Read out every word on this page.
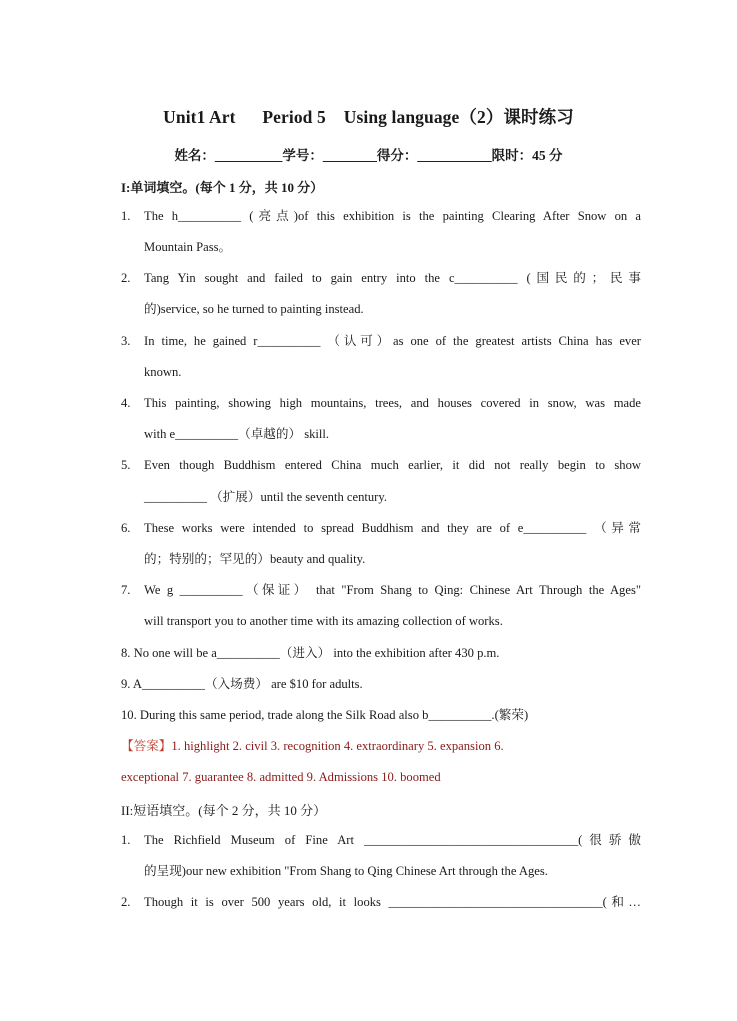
Unit1 Art      Period 5    Using language（2）课时练习
姓名：__________学号：________得分：___________限时：45 分
I:单词填空。(每个 1 分，共 10 分）
1. The h__________ (亮点)of this exhibition is the painting Clearing After Snow on a
Mountain Pass。
2. Tang Yin sought and failed to gain entry into the c__________ (国民的；民事
的)service, so he turned to painting instead.
3. In time, he gained r__________ （认可）as one of the greatest artists China has ever
known.
4. This painting, showing high mountains, trees, and houses covered in snow, was made
with e__________（卓越的） skill.
5. Even though Buddhism entered China much earlier, it did not really begin to show
__________ （扩展）until the seventh century.
6. These works were intended to spread Buddhism and they are of e__________ （异常
的；特别的；罕见的）beauty and quality.
7. We g __________（保证） that "From Shang to Qing: Chinese Art Through the Ages"
will transport you to another time with its amazing collection of works.
8. No one will be a__________（进入） into the exhibition after 430 p.m.
9. A__________（入场费） are $10 for adults.
10. During this same period, trade along the Silk Road also b__________.(繁荣)
【答案】1. highlight 2. civil 3. recognition 4. extraordinary 5. expansion 6.
exceptional 7. guarantee 8. admitted 9. Admissions 10. boomed
II:短语填空。(每个 2 分，共 10 分）
1. The Richfield Museum of Fine Art __________________________________(很骄傲
的呈现)our new exhibition "From Shang to Qing Chinese Art through the Ages.
2. Though it is over 500 years old, it looks __________________________________(和…
